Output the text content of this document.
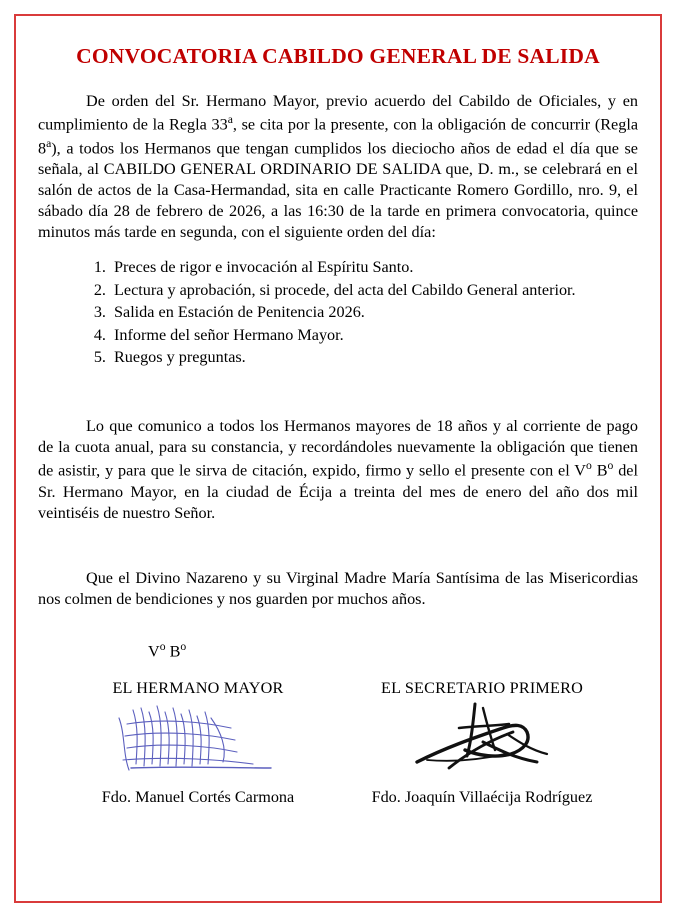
CONVOCATORIA CABILDO GENERAL DE SALIDA

De orden del Sr. Hermano Mayor, previo acuerdo del Cabildo de Oficiales, y en cumplimiento de la Regla 33$^a$, se cita por la presente, con la obligación de concurrir (Regla 8$^a$), a todos los Hermanos que tengan cumplidos los dieciocho años de edad el día que se señala, al CABILDO GENERAL ORDINARIO DE SALIDA que, D. m., se celebrará en el salón de actos de la Casa-Hermandad, sita en calle Practicante Romero Gordillo, nro. 9, el sábado día 28 de febrero de 2026, a las 16:30 de la tarde en primera convocatoria, quince minutos más tarde en segunda, con el siguiente orden del día:

1. Preces de rigor e invocación al Espíritu Santo.
2. Lectura y aprobación, si procede, del acta del Cabildo General anterior.
3. Salida en Estación de Penitencia 2026.
4. Informe del señor Hermano Mayor.
5. Ruegos y preguntas.

Lo que comunico a todos los Hermanos mayores de 18 años y al corriente de pago de la cuota anual, para su constancia, y recordándoles nuevamente la obligación que tienen de asistir, y para que le sirva de citación, expido, firmo y sello el presente con el $V^o$ $B^o$ del Sr. Hermano Mayor, en la ciudad de Écija a treinta del mes de enero del año dos mil veintiséis de nuestro Señor.

Que el Divino Nazareno y su Virginal Madre María Santísima de las Misericordias nos colmen de bendiciones y nos guarden por muchos años.

$V^o$ $B^o$
EL HERMANO MAYOR
Fdo. Manuel Cortés Carmona
EL SECRETARIO PRIMERO
Fdo. Joaquín Villaécija Rodríguez
